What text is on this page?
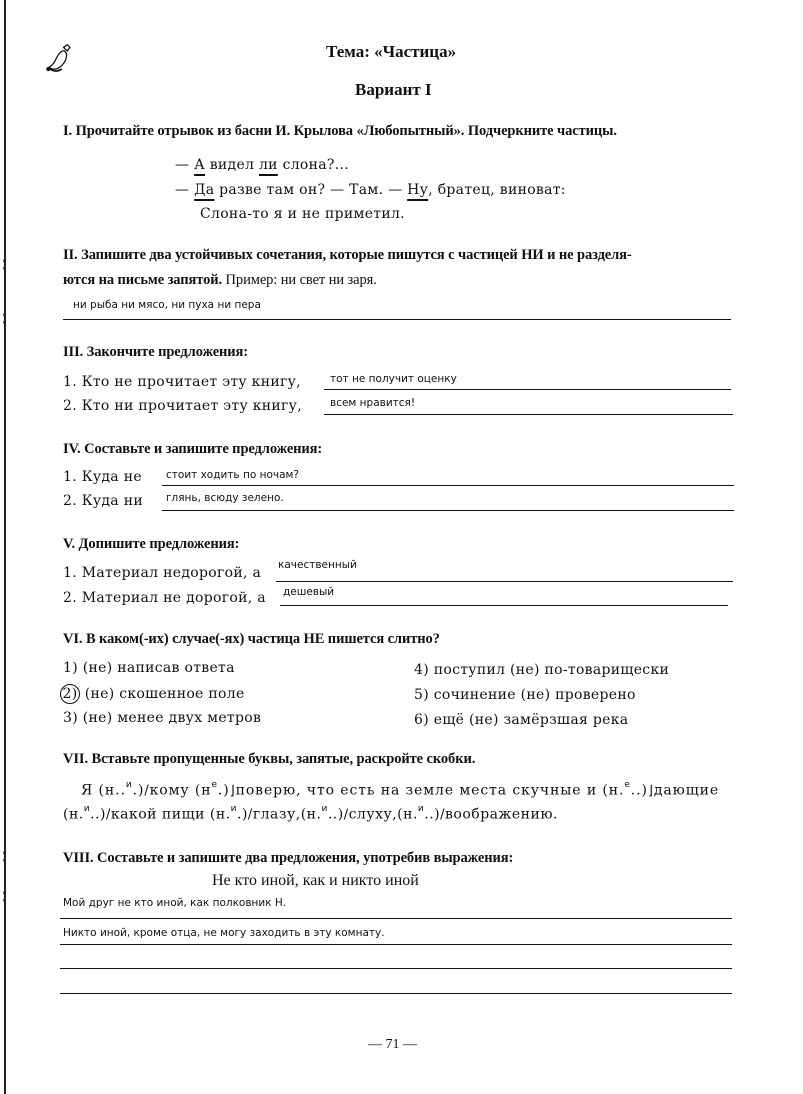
⟩
⟩
⟩
⟩
Тема: «Частица»
Вариант I
I. Прочитайте отрывок из басни И. Крылова «Любопытный». Подчеркните частицы.
— А видел ли слона?...
— Да разве там он? — Там. — Ну, братец, виноват:
Слона-то я и не приметил.
II. Запишите два устойчивых сочетания, которые пишутся с частицей НИ и не разделя-
ются на письме запятой. Пример: ни свет ни заря.
ни рыба ни мясо, ни пуха ни пера
III. Закончите предложения:
1. Кто не прочитает эту книгу,	тот не получит оценку
2. Кто ни прочитает эту книгу,	всем нравится!
IV. Составьте и запишите предложения:
1. Куда не стоит ходить по ночам?
2. Куда ни глянь, всюду зелено.
V. Допишите предложения:
1. Материал недорогой, а качественный
2. Материал не дорогой, а дешевый
VI. В каком(-их) случае(-ях) частица НЕ пишется слитно?
1) (не) написав ответа
2) (не) скошенное поле
3) (не) менее двух метров
4) поступил (не) по-товарищески
5) сочинение (не) проверено
6) ещё (не) замёрзшая река
VII. Вставьте пропущенные буквы, запятые, раскройте скобки.
Я (н..$^и$.)/кому $(н^е.)⌋поверю$, что есть на земле места скучные и (н.$^е$..)⌋дающие
(н.$^и$..)/какой пищи (н.$^и$.)/глазу,(н.$^и$..)/слуху,(н.$^и$..)/воображению.
VIII. Составьте и запишите два предложения, употребив выражения:
Не кто иной, как и никто иной
Мой друг не кто иной, как полковник Н.
Никто иной, кроме отца, не могу заходить в эту комнату.
— 71 —
